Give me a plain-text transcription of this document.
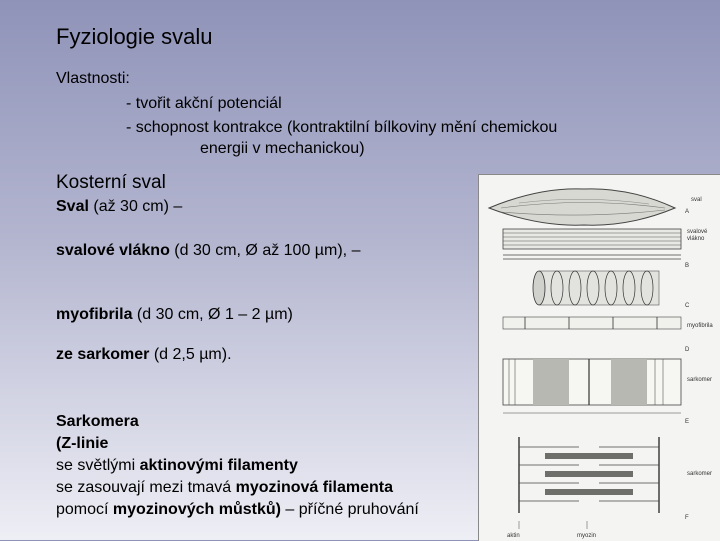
Fyziologie svalu
Vlastnosti:
- tvořit akční potenciál
- schopnost kontrakce (kontraktilní bílkoviny mění chemickou
energii v mechanickou)
Kosterní sval
Sval (až 30 cm) –
svalové vlákno (d 30 cm, Ø až 100 µm), –
myofibrila (d 30 cm, Ø 1 – 2 µm)
ze sarkomer (d 2,5 µm).
Sarkomera
(Z-linie
se světlými aktinovými filamenty
se zasouvají mezi tmavá myozinová filamenta
pomocí myozinových můstků) – příčné pruhování
sval
A
svalové
vlákno
B
C
myofibrila
D
sarkomer
E
sarkomer
F
aktin	myozin
